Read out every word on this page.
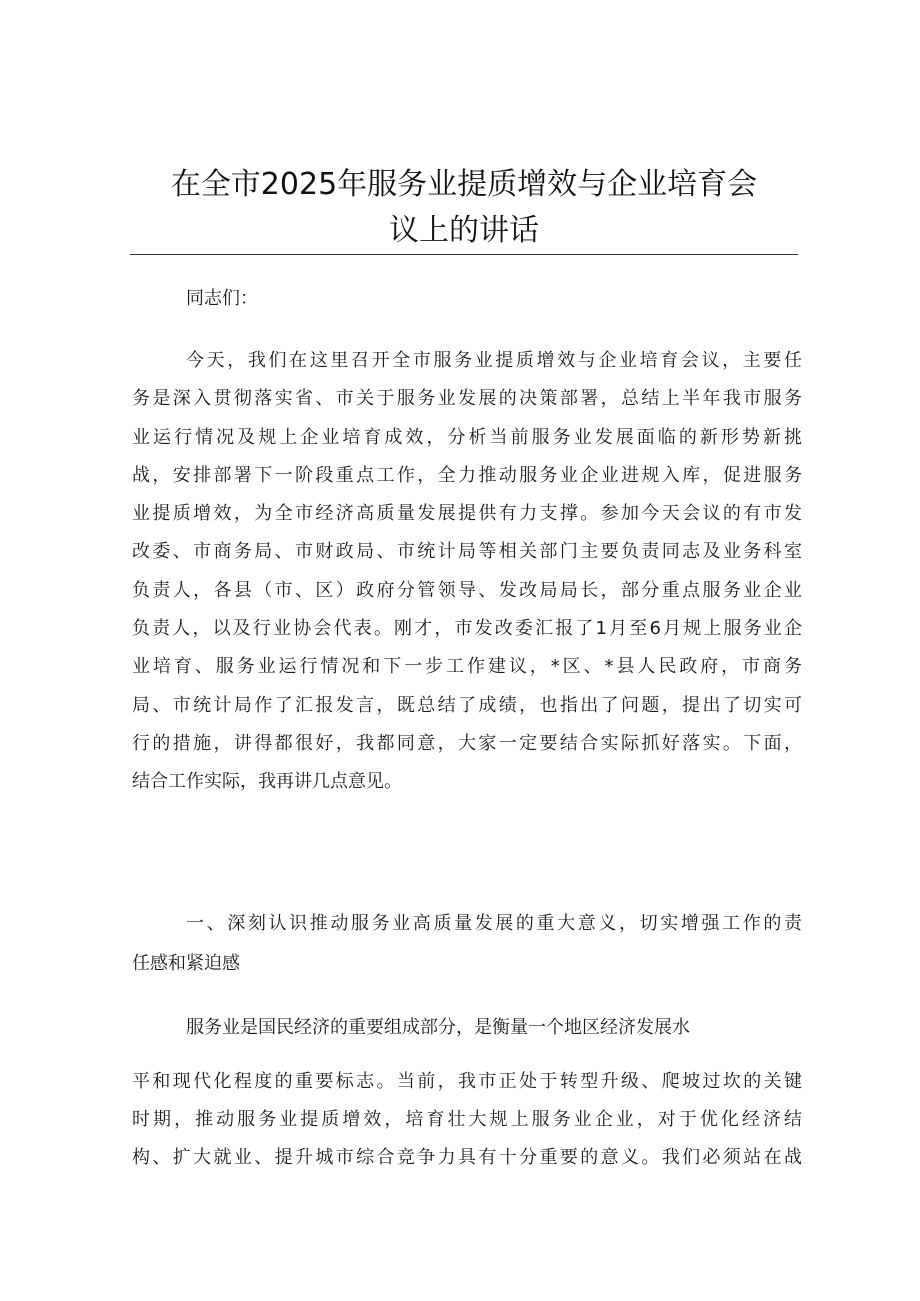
在全市2025年服务业提质增效与企业培育会
议上的讲话
同志们：
今天，我们在这里召开全市服务业提质增效与企业培育会议，主要任
务是深入贯彻落实省、市关于服务业发展的决策部署，总结上半年我市服务
业运行情况及规上企业培育成效，分析当前服务业发展面临的新形势新挑
战，安排部署下一阶段重点工作，全力推动服务业企业进规入库，促进服务
业提质增效，为全市经济高质量发展提供有力支撑。参加今天会议的有市发
改委、市商务局、市财政局、市统计局等相关部门主要负责同志及业务科室
负责人，各县（市、区）政府分管领导、发改局局长，部分重点服务业企业
负责人，以及行业协会代表。刚才，市发改委汇报了1月至6月规上服务业企
业培育、服务业运行情况和下一步工作建议，*区、*县人民政府，市商务
局、市统计局作了汇报发言，既总结了成绩，也指出了问题，提出了切实可
行的措施，讲得都很好，我都同意，大家一定要结合实际抓好落实。下面，
结合工作实际，我再讲几点意见。
一、深刻认识推动服务业高质量发展的重大意义，切实增强工作的责
任感和紧迫感
服务业是国民经济的重要组成部分，是衡量一个地区经济发展水
平和现代化程度的重要标志。当前，我市正处于转型升级、爬坡过坎的关键
时期，推动服务业提质增效，培育壮大规上服务业企业，对于优化经济结
构、扩大就业、提升城市综合竞争力具有十分重要的意义。我们必须站在战
